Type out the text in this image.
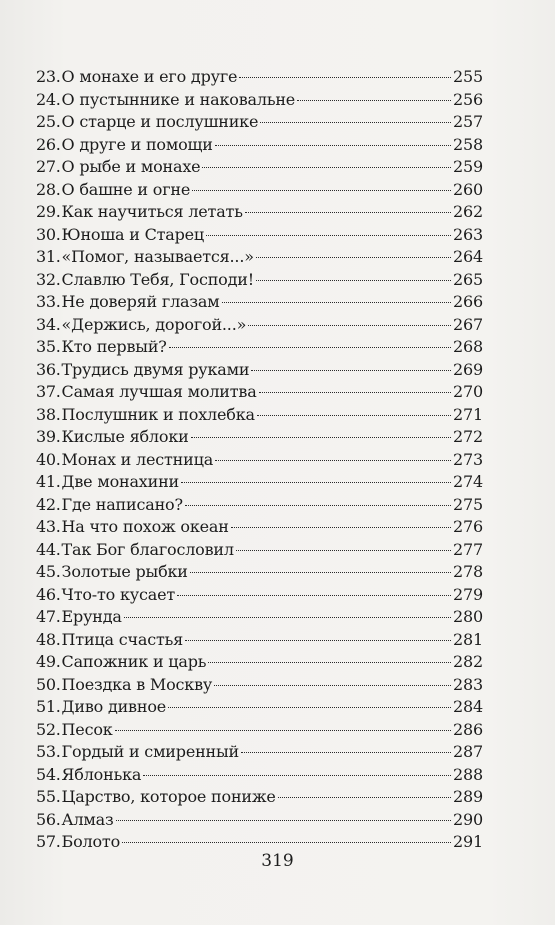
23. О монахе и его друге	255
24. О пустыннике и наковальне	256
25. О старце и послушнике	257
26. О друге и помощи	258
27. О рыбе и монахе	259
28. О башне и огне	260
29. Как научиться летать	262
30. Юноша и Старец	263
31. «Помог, называется...»	264
32. Славлю Тебя, Господи!	265
33. Не доверяй глазам	266
34. «Держись, дорогой...»	267
35. Кто первый?	268
36. Трудись двумя руками	269
37. Самая лучшая молитва	270
38. Послушник и похлебка	271
39. Кислые яблоки	272
40. Монах и лестница	273
41. Две монахини	274
42. Где написано?	275
43. На что похож океан	276
44. Так Бог благословил	277
45. Золотые рыбки	278
46. Что-то кусает	279
47. Ерунда	280
48. Птица счастья	281
49. Сапожник и царь	282
50. Поездка в Москву	283
51. Диво дивное	284
52. Песок	286
53. Гордый и смиренный	287
54. Яблонька	288
55. Царство, которое пониже	289
56. Алмаз	290
57. Болото	291
319
